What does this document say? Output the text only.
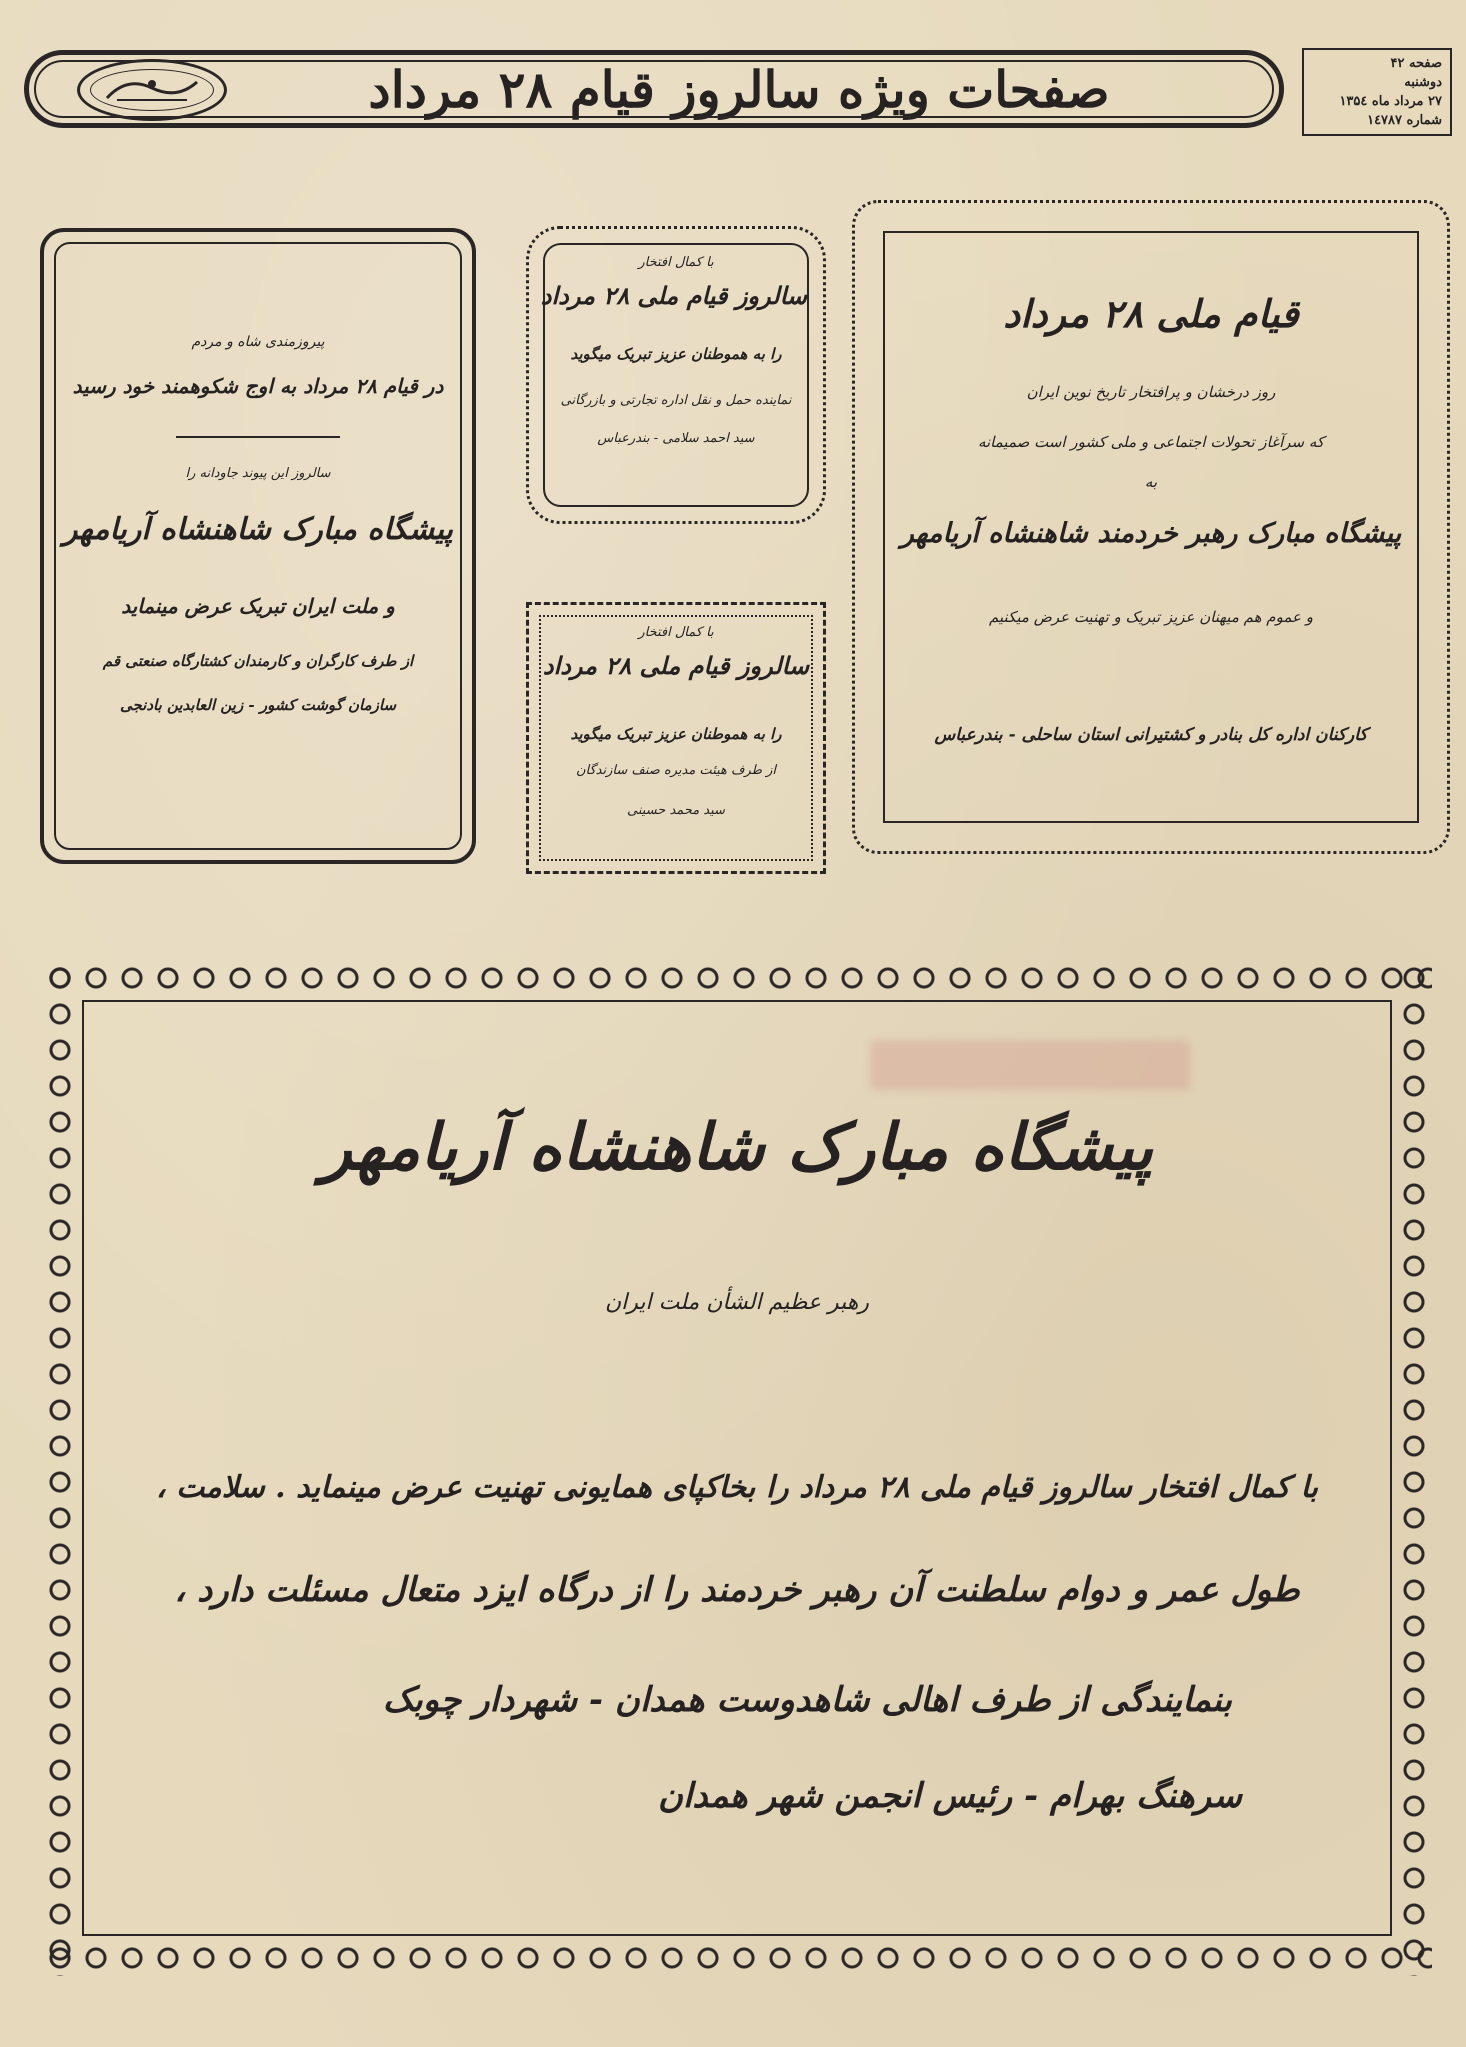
صفحات ویژه سالروز قیام ۲۸ مرداد	صفحه ۴۲
دوشنبه
۲۷ مرداد ماه ۱۳۵٤
شماره ۱٤۷۸۷
قیام ملی ۲۸ مرداد
روز درخشان و پرافتخار تاریخ نوین ایران
که سرآغاز تحولات اجتماعی و ملی کشور است صمیمانه
به
پیشگاه مبارک رهبر خردمند شاهنشاه آریامهر
و عموم هم میهنان عزیز تبریک و تهنیت عرض میکنیم
کارکنان اداره کل بنادر و کشتیرانی استان ساحلی - بندرعباس
با کمال افتخار
سالروز قیام ملی ۲۸ مرداد
را به هموطنان عزیز تبریک میگوید
نماینده حمل و نقل اداره تجارتی و بازرگانی
سید احمد سلامی - بندرعباس
با کمال افتخار
سالروز قیام ملی ۲۸ مرداد
را به هموطنان عزیز تبریک میگوید
از طرف هیئت مدیره صنف سازندگان
سید محمد حسینی
پیروزمندی شاه و مردم
در قیام ۲۸ مرداد به اوج شکوهمند خود رسید
سالروز این پیوند جاودانه را
پیشگاه مبارک شاهنشاه آریامهر
و ملت ایران تبریک عرض مینماید
از طرف کارگران و کارمندان کشتارگاه صنعتی قم
سازمان گوشت کشور - زین العابدین بادنجی
پیشگاه مبارک شاهنشاه آریامهر
رهبر عظیم الشأن ملت ایران
با کمال افتخار سالروز قیام ملی ۲۸ مرداد را بخاکپای همایونی تهنیت عرض مینماید . سلامت ،
طول عمر و دوام سلطنت آن رهبر خردمند را از درگاه ایزد متعال مسئلت دارد ،
بنمایندگی از طرف اهالی شاهدوست همدان - شهردار چوبک
سرهنگ بهرام - رئیس انجمن شهر همدان
